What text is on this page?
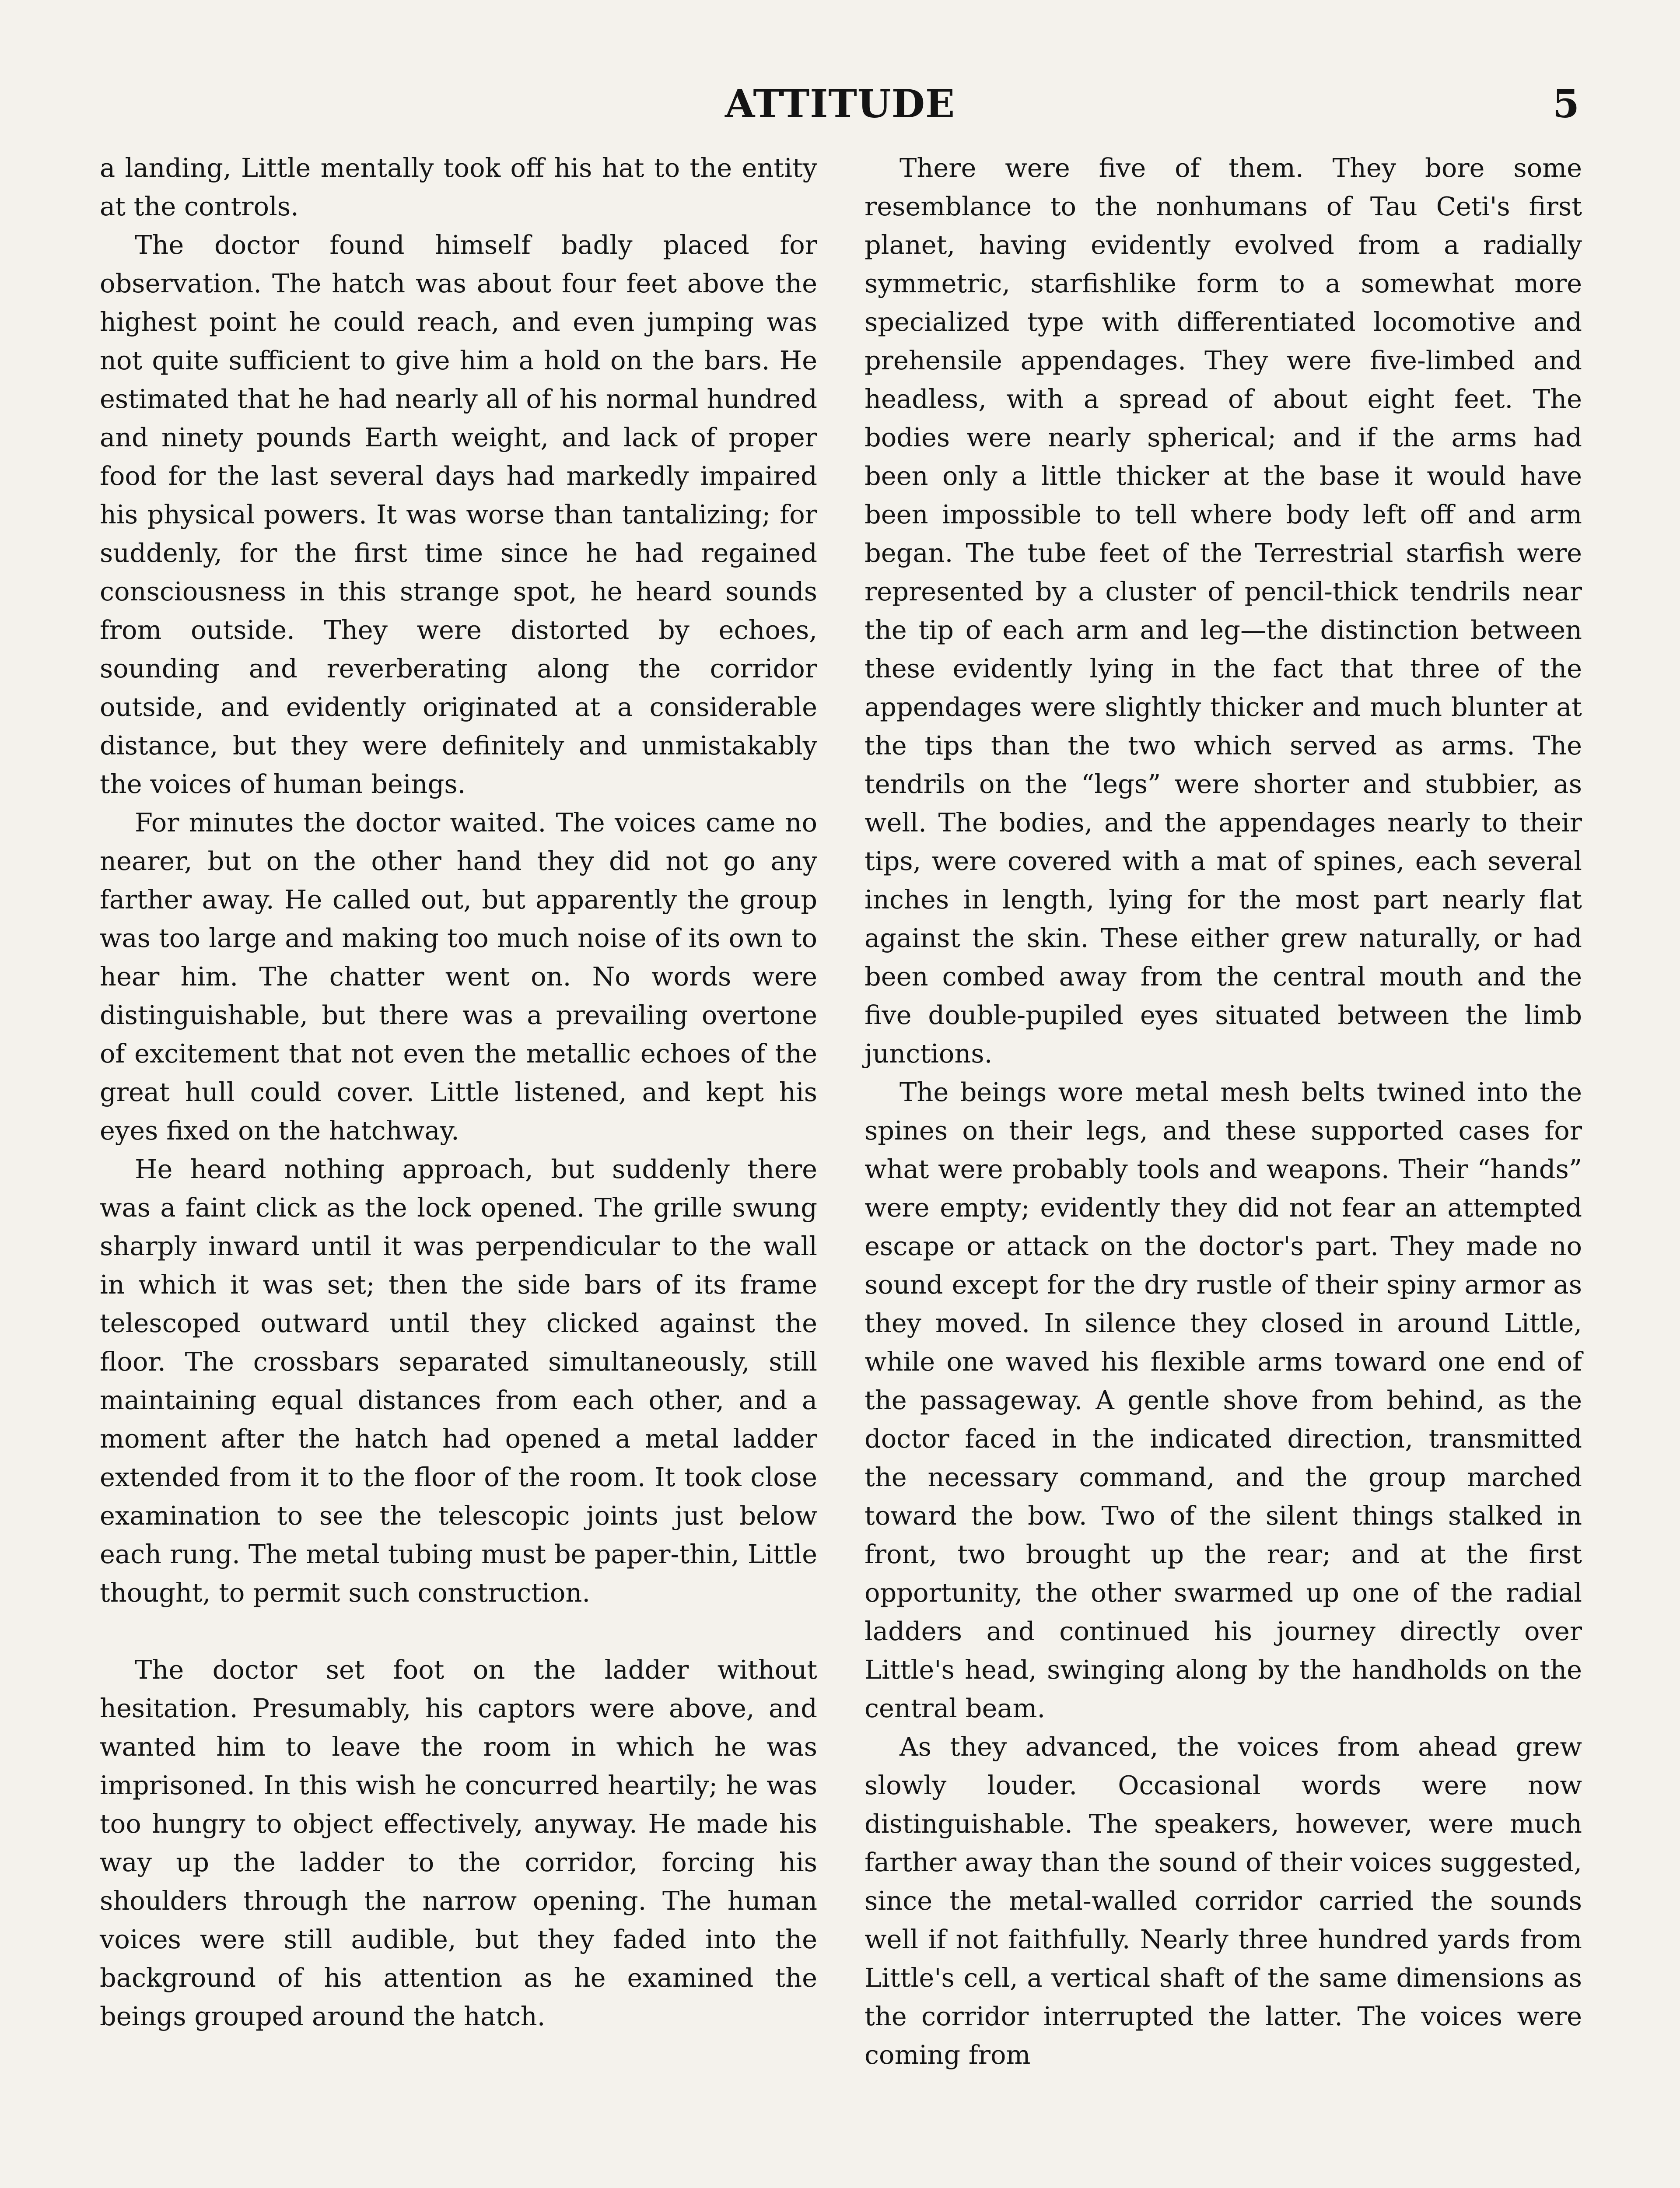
ATTITUDE	5

a landing, Little mentally took off his hat to the entity at the controls.

The doctor found himself badly placed for observation. The hatch was about four feet above the highest point he could reach, and even jumping was not quite sufficient to give him a hold on the bars. He estimated that he had nearly all of his normal hundred and ninety pounds Earth weight, and lack of proper food for the last several days had markedly impaired his physical powers. It was worse than tantalizing; for suddenly, for the first time since he had regained consciousness in this strange spot, he heard sounds from outside. They were distorted by echoes, sounding and reverberating along the corridor outside, and evidently originated at a considerable distance, but they were definitely and unmistakably the voices of human beings.

For minutes the doctor waited. The voices came no nearer, but on the other hand they did not go any farther away. He called out, but apparently the group was too large and making too much noise of its own to hear him. The chatter went on. No words were distinguishable, but there was a prevailing overtone of excitement that not even the metallic echoes of the great hull could cover. Little listened, and kept his eyes fixed on the hatchway.

He heard nothing approach, but suddenly there was a faint click as the lock opened. The grille swung sharply inward until it was perpendicular to the wall in which it was set; then the side bars of its frame telescoped outward until they clicked against the floor. The crossbars separated simultaneously, still maintaining equal distances from each other, and a moment after the hatch had opened a metal ladder extended from it to the floor of the room. It took close examination to see the telescopic joints just below each rung. The metal tubing must be paper-thin, Little thought, to permit such construction.

The doctor set foot on the ladder without hesitation. Presumably, his captors were above, and wanted him to leave the room in which he was imprisoned. In this wish he concurred heartily; he was too hungry to object effectively, anyway. He made his way up the ladder to the corridor, forcing his shoulders through the narrow opening. The human voices were still audible, but they faded into the background of his attention as he examined the beings grouped around the hatch.

There were five of them. They bore some resemblance to the nonhumans of Tau Ceti's first planet, having evidently evolved from a radially symmetric, starfishlike form to a somewhat more specialized type with differentiated locomotive and prehensile appendages. They were five-limbed and headless, with a spread of about eight feet. The bodies were nearly spherical; and if the arms had been only a little thicker at the base it would have been impossible to tell where body left off and arm began. The tube feet of the Terrestrial starfish were represented by a cluster of pencil-thick tendrils near the tip of each arm and leg—the distinction between these evidently lying in the fact that three of the appendages were slightly thicker and much blunter at the tips than the two which served as arms. The tendrils on the “legs” were shorter and stubbier, as well. The bodies, and the appendages nearly to their tips, were covered with a mat of spines, each several inches in length, lying for the most part nearly flat against the skin. These either grew naturally, or had been combed away from the central mouth and the five double-pupiled eyes situated between the limb junctions.

The beings wore metal mesh belts twined into the spines on their legs, and these supported cases for what were probably tools and weapons. Their “hands” were empty; evidently they did not fear an attempted escape or attack on the doctor's part. They made no sound except for the dry rustle of their spiny armor as they moved. In silence they closed in around Little, while one waved his flexible arms toward one end of the passageway. A gentle shove from behind, as the doctor faced in the indicated direction, transmitted the necessary command, and the group marched toward the bow. Two of the silent things stalked in front, two brought up the rear; and at the first opportunity, the other swarmed up one of the radial ladders and continued his journey directly over Little's head, swinging along by the handholds on the central beam.

As they advanced, the voices from ahead grew slowly louder. Occasional words were now distinguishable. The speakers, however, were much farther away than the sound of their voices suggested, since the metal-walled corridor carried the sounds well if not faithfully. Nearly three hundred yards from Little's cell, a vertical shaft of the same dimensions as the corridor interrupted the latter. The voices were coming from
